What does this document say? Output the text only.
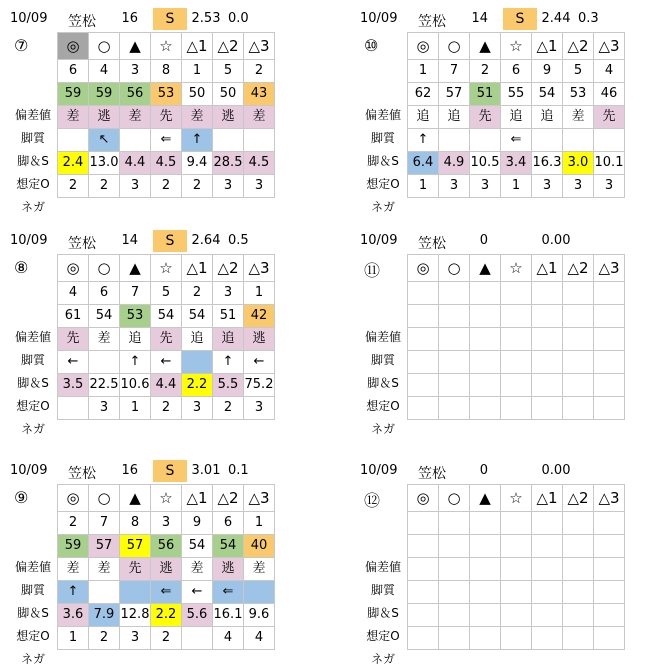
10/09	笠松	16	S	2.53 0.0
⑦
偏差値
脚質
脚＆S
想定O
ネガ
◎	○	▲	☆	△1	△2	△3
6	4	3	8	1	5	2
59	59	56	53	50	50	43
差	逃	差	先	差	逃	差
	↖		⇐	↑		
2.4	13.0	4.4	4.5	9.4	28.5	4.5
2	2	3	2	2	3	3
10/09	笠松	14	S	2.44 0.3
⑩
偏差値
脚質
脚＆S
想定O
ネガ
◎	○	▲	☆	△1	△2	△3
1	7	2	6	9	5	4
62	57	51	55	54	53	46
追	追	先	追	追	差	先
↑			⇐			
6.4	4.9	10.5	3.4	16.3	3.0	10.1
1	3	3	1	3	3	3
10/09	笠松	14	S	2.64 0.5
⑧
偏差値
脚質
脚＆S
想定O
ネガ
◎	○	▲	☆	△1	△2	△3
4	6	7	5	2	3	1
61	54	53	54	54	51	42
先	差	追	先	追	追	逃
←		↑	←		↑	←
3.5	22.5	10.6	4.4	2.2	5.5	75.2
	3	1	2	3	2	3
10/09	笠松	0	0.00
⑪
偏差値
脚質
脚＆S
想定O
ネガ
◎	○	▲	☆	△1	△2	△3

10/09	笠松	16	S	3.01 0.1
⑨
偏差値
脚質
脚＆S
想定O
ネガ
◎	○	▲	☆	△1	△2	△3
2	7	8	3	9	6	1
59	57	57	56	54	54	40
差	差	先	逃	差	逃	差
↑			⇐	←	⇐	
3.6	7.9	12.8	2.2	5.6	16.1	9.6
1	2	3	2		4	4
10/09	笠松	0	0.00
⑫
偏差値
脚質
脚＆S
想定O
ネガ
◎	○	▲	☆	△1	△2	△3
